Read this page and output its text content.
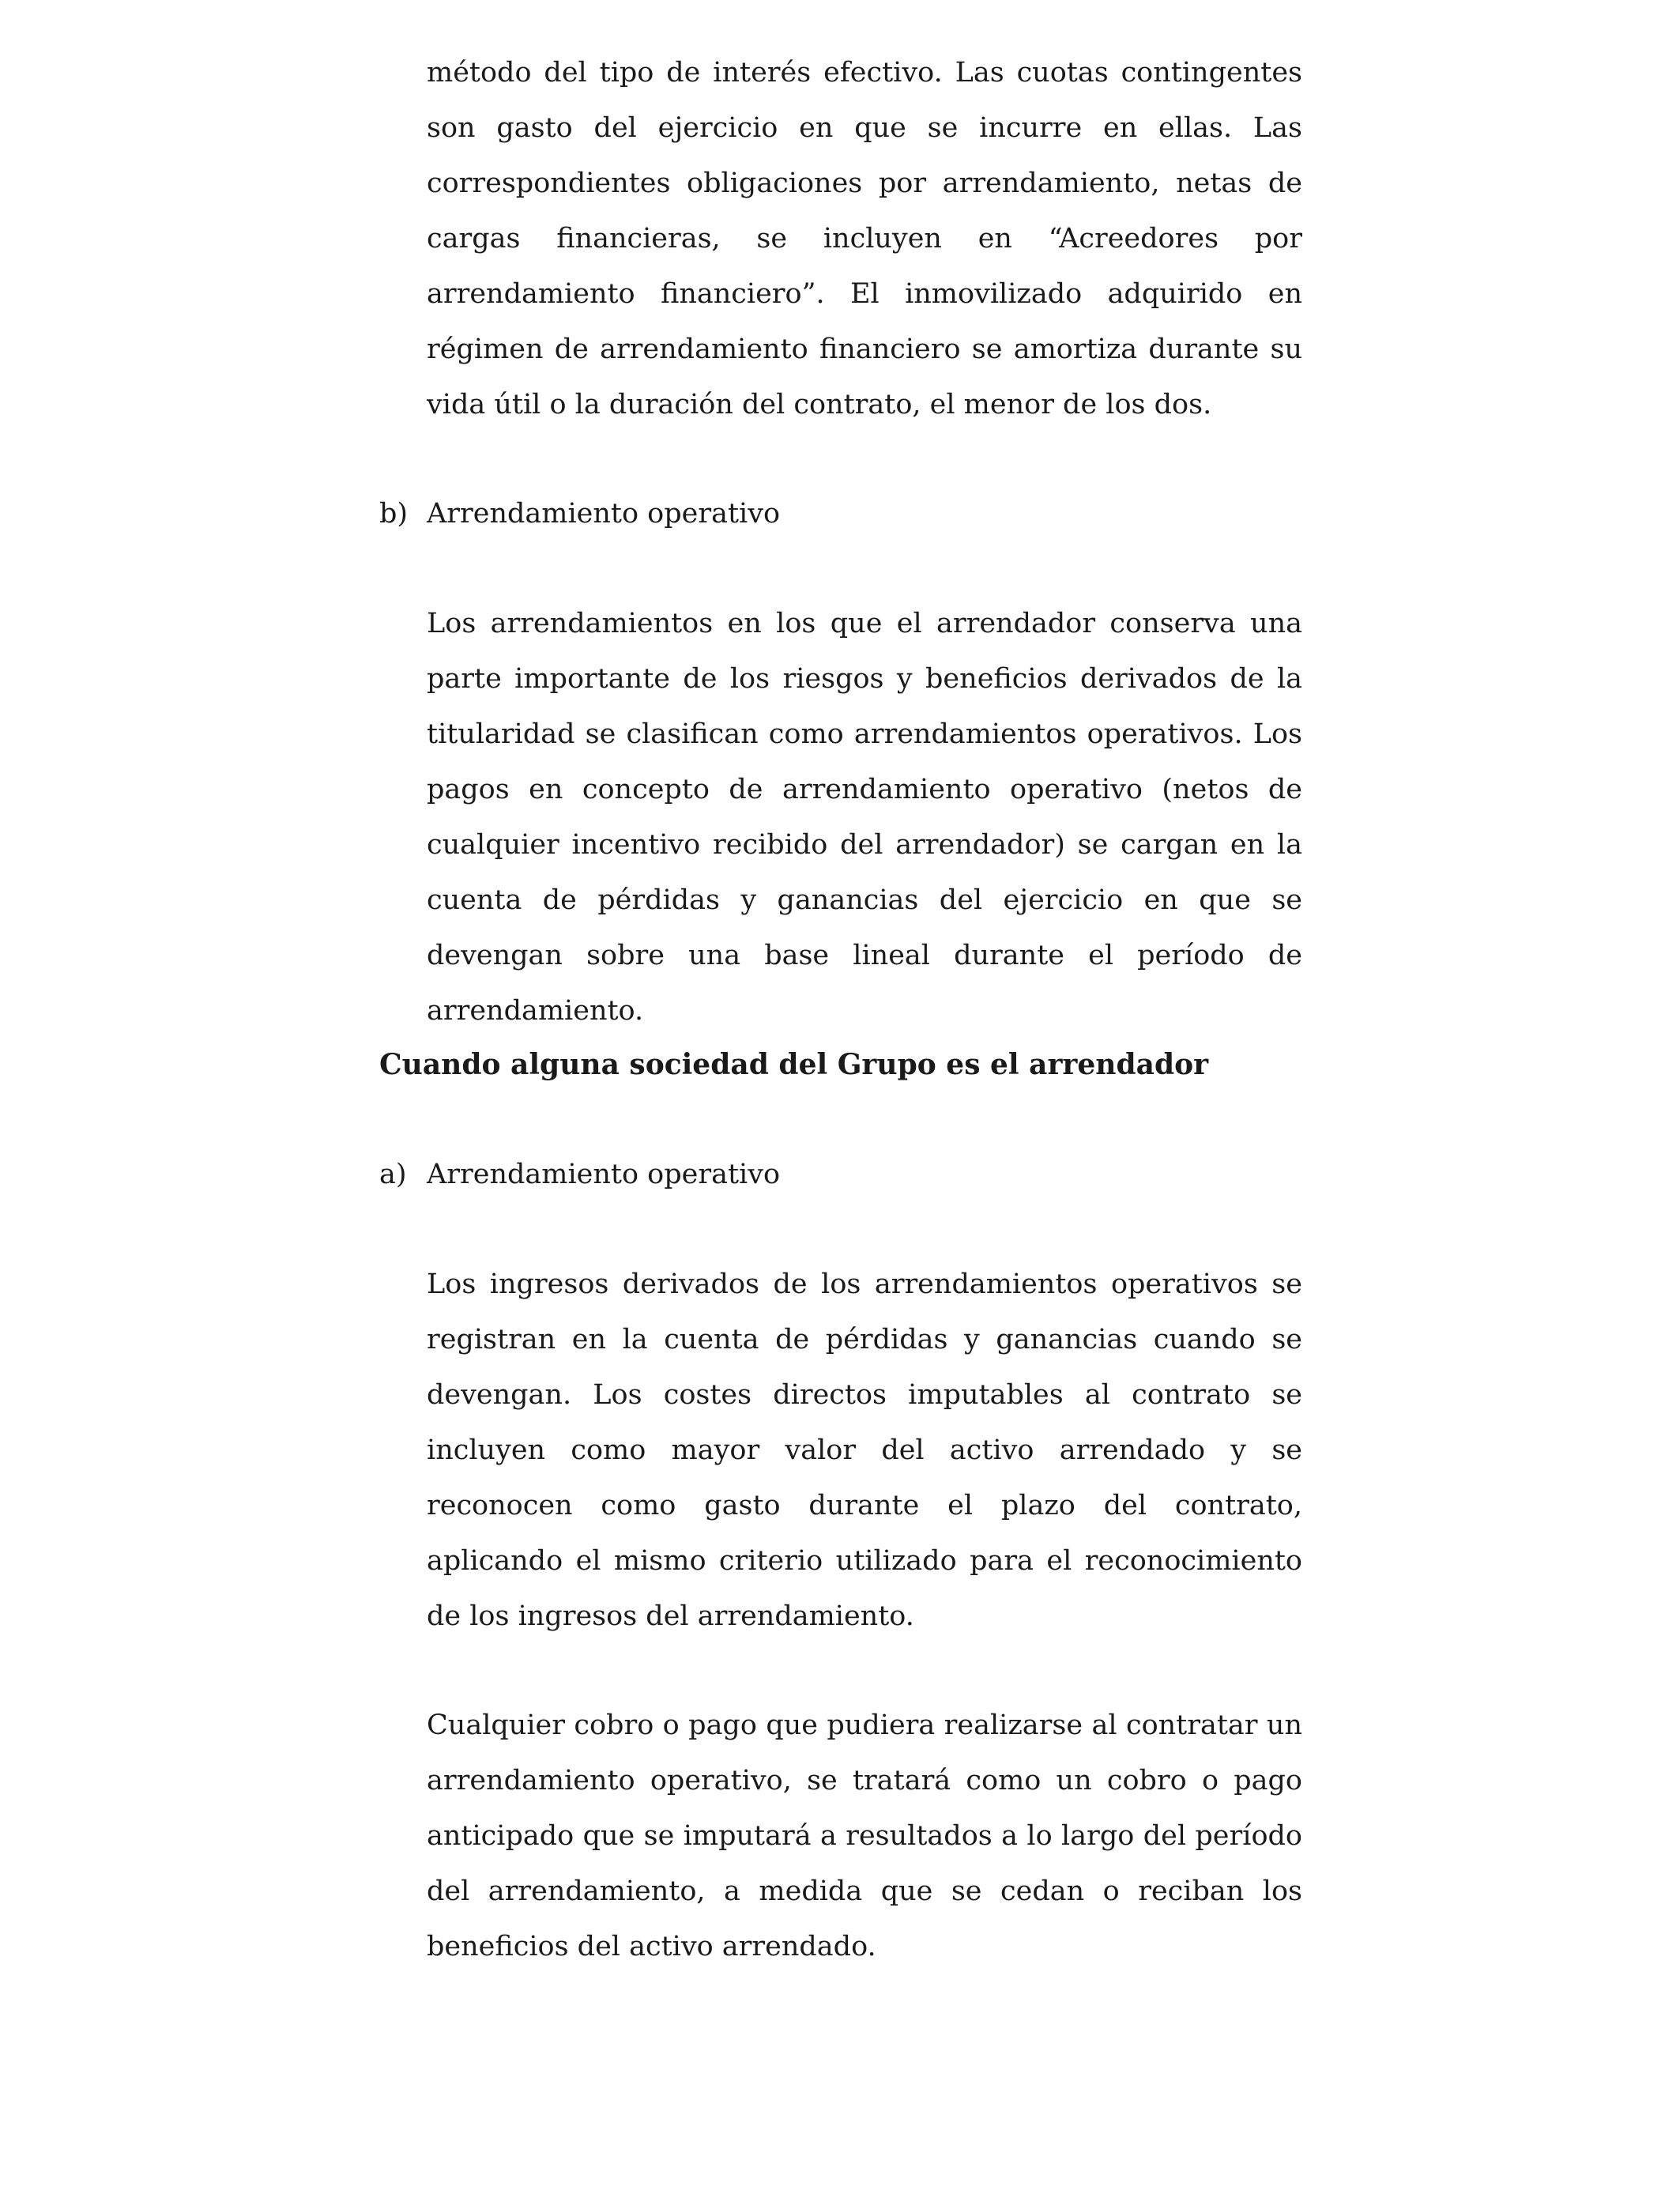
método del tipo de interés efectivo. Las cuotas contingentes son gasto del ejercicio en que se incurre en ellas. Las correspondientes obligaciones por arrendamiento, netas de cargas financieras, se incluyen en “Acreedores por arrendamiento financiero”. El inmovilizado adquirido en régimen de arrendamiento financiero se amortiza durante su vida útil o la duración del contrato, el menor de los dos.

b) Arrendamiento operativo

Los arrendamientos en los que el arrendador conserva una parte importante de los riesgos y beneficios derivados de la titularidad se clasifican como arrendamientos operativos. Los pagos en concepto de arrendamiento operativo (netos de cualquier incentivo recibido del arrendador) se cargan en la cuenta de pérdidas y ganancias del ejercicio en que se devengan sobre una base lineal durante el período de arrendamiento.

Cuando alguna sociedad del Grupo es el arrendador

a) Arrendamiento operativo

Los ingresos derivados de los arrendamientos operativos se registran en la cuenta de pérdidas y ganancias cuando se devengan. Los costes directos imputables al contrato se incluyen como mayor valor del activo arrendado y se reconocen como gasto durante el plazo del contrato, aplicando el mismo criterio utilizado para el reconocimiento de los ingresos del arrendamiento.

Cualquier cobro o pago que pudiera realizarse al contratar un arrendamiento operativo, se tratará como un cobro o pago anticipado que se imputará a resultados a lo largo del período del arrendamiento, a medida que se cedan o reciban los beneficios del activo arrendado.
